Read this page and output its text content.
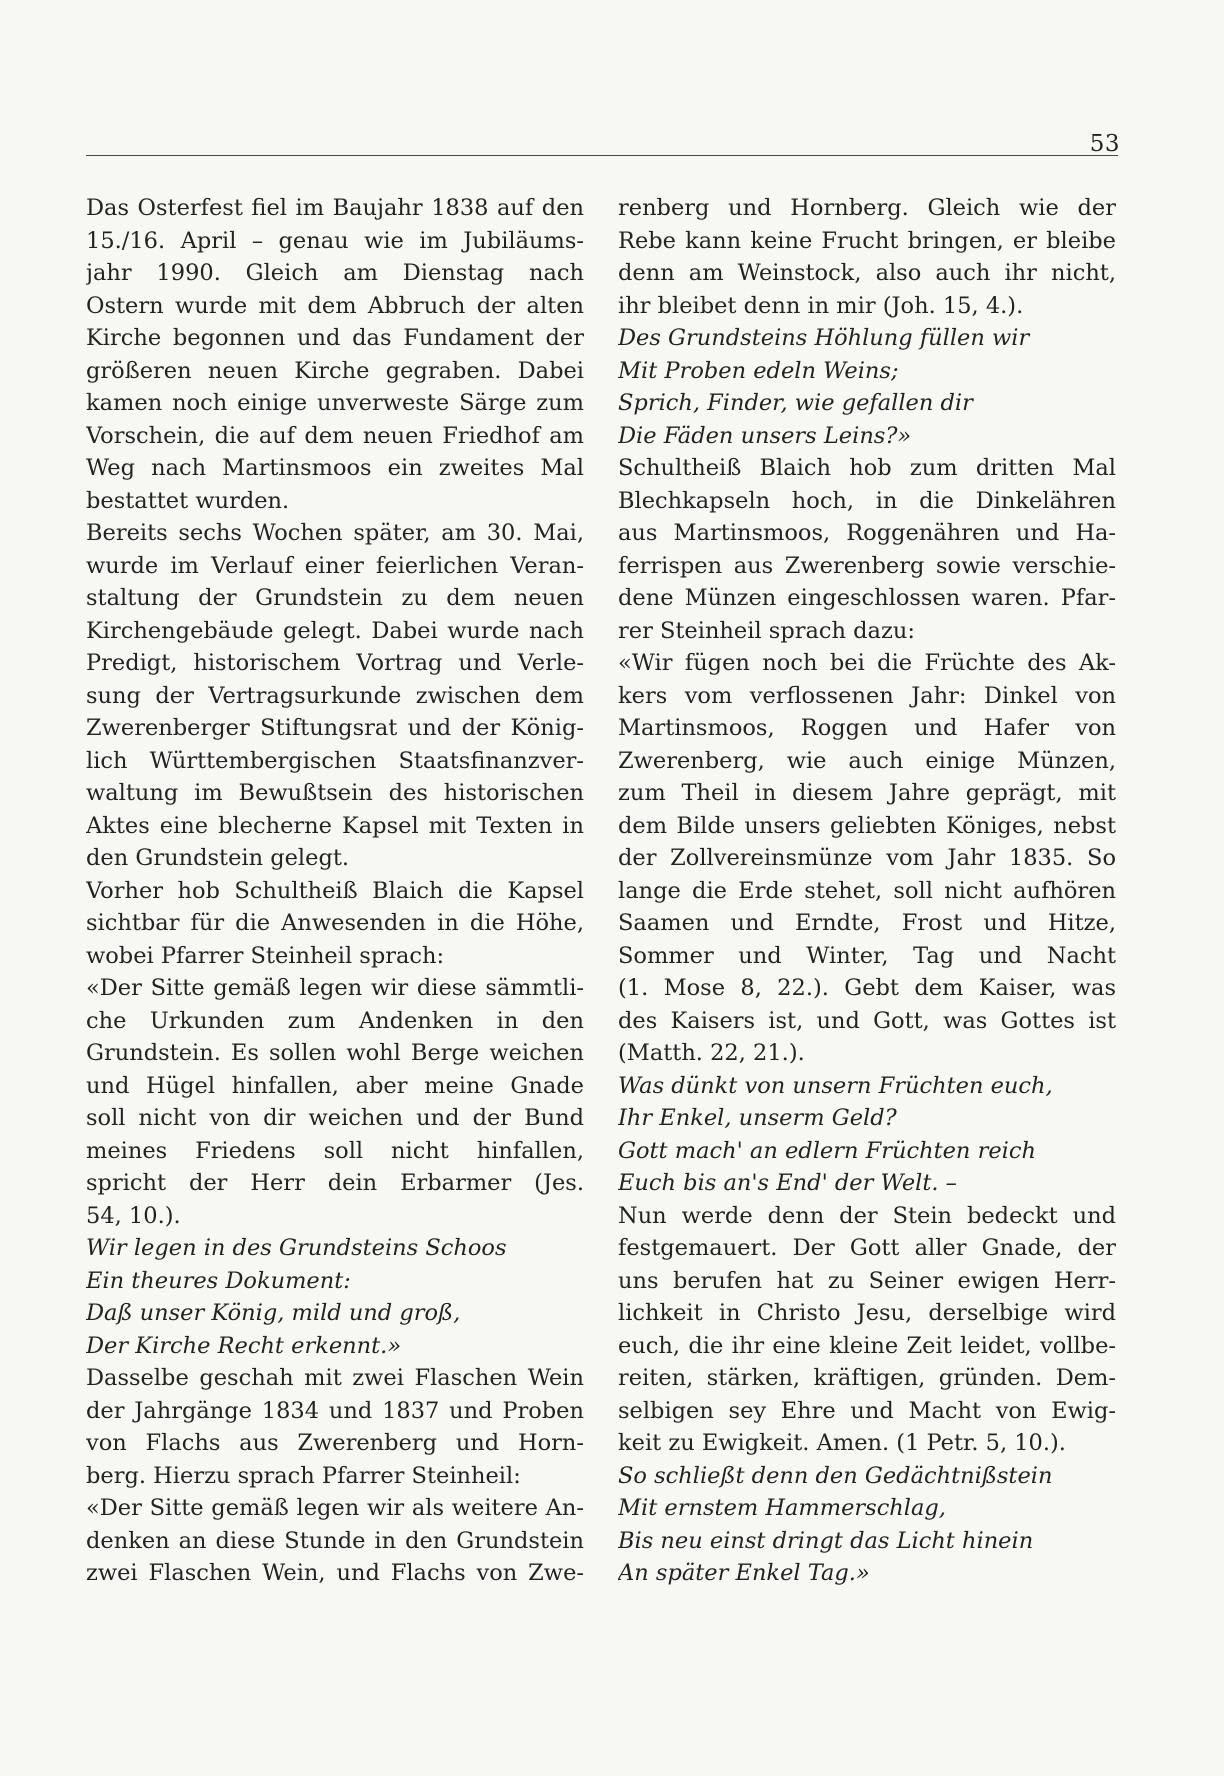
53
Das Osterfest fiel im Baujahr 1838 auf den
15./16. April – genau wie im Jubiläums-
jahr 1990. Gleich am Dienstag nach
Ostern wurde mit dem Abbruch der alten
Kirche begonnen und das Fundament der
größeren neuen Kirche gegraben. Dabei
kamen noch einige unverweste Särge zum
Vorschein, die auf dem neuen Friedhof am
Weg nach Martinsmoos ein zweites Mal
bestattet wurden.
Bereits sechs Wochen später, am 30. Mai,
wurde im Verlauf einer feierlichen Veran-
staltung der Grundstein zu dem neuen
Kirchengebäude gelegt. Dabei wurde nach
Predigt, historischem Vortrag und Verle-
sung der Vertragsurkunde zwischen dem
Zwerenberger Stiftungsrat und der König-
lich Württembergischen Staatsfinanzver-
waltung im Bewußtsein des historischen
Aktes eine blecherne Kapsel mit Texten in
den Grundstein gelegt.
Vorher hob Schultheiß Blaich die Kapsel
sichtbar für die Anwesenden in die Höhe,
wobei Pfarrer Steinheil sprach:
«Der Sitte gemäß legen wir diese sämmtli-
che Urkunden zum Andenken in den
Grundstein. Es sollen wohl Berge weichen
und Hügel hinfallen, aber meine Gnade
soll nicht von dir weichen und der Bund
meines Friedens soll nicht hinfallen,
spricht der Herr dein Erbarmer (Jes.
54, 10.).
Wir legen in des Grundsteins Schoos
Ein theures Dokument:
Daß unser König, mild und groß,
Der Kirche Recht erkennt.»
Dasselbe geschah mit zwei Flaschen Wein
der Jahrgänge 1834 und 1837 und Proben
von Flachs aus Zwerenberg und Horn-
berg. Hierzu sprach Pfarrer Steinheil:
«Der Sitte gemäß legen wir als weitere An-
denken an diese Stunde in den Grundstein
zwei Flaschen Wein, und Flachs von Zwe-
renberg und Hornberg. Gleich wie der
Rebe kann keine Frucht bringen, er bleibe
denn am Weinstock, also auch ihr nicht,
ihr bleibet denn in mir (Joh. 15, 4.).
Des Grundsteins Höhlung füllen wir
Mit Proben edeln Weins;
Sprich, Finder, wie gefallen dir
Die Fäden unsers Leins?»
Schultheiß Blaich hob zum dritten Mal
Blechkapseln hoch, in die Dinkelähren
aus Martinsmoos, Roggenähren und Ha-
ferrispen aus Zwerenberg sowie verschie-
dene Münzen eingeschlossen waren. Pfar-
rer Steinheil sprach dazu:
«Wir fügen noch bei die Früchte des Ak-
kers vom verflossenen Jahr: Dinkel von
Martinsmoos, Roggen und Hafer von
Zwerenberg, wie auch einige Münzen,
zum Theil in diesem Jahre geprägt, mit
dem Bilde unsers geliebten Königes, nebst
der Zollvereinsmünze vom Jahr 1835. So
lange die Erde stehet, soll nicht aufhören
Saamen und Erndte, Frost und Hitze,
Sommer und Winter, Tag und Nacht
(1. Mose 8, 22.). Gebt dem Kaiser, was
des Kaisers ist, und Gott, was Gottes ist
(Matth. 22, 21.).
Was dünkt von unsern Früchten euch,
Ihr Enkel, unserm Geld?
Gott mach' an edlern Früchten reich
Euch bis an's End' der Welt. –
Nun werde denn der Stein bedeckt und
festgemauert. Der Gott aller Gnade, der
uns berufen hat zu Seiner ewigen Herr-
lichkeit in Christo Jesu, derselbige wird
euch, die ihr eine kleine Zeit leidet, vollbe-
reiten, stärken, kräftigen, gründen. Dem-
selbigen sey Ehre und Macht von Ewig-
keit zu Ewigkeit. Amen. (1 Petr. 5, 10.).
So schließt denn den Gedächtnißstein
Mit ernstem Hammerschlag,
Bis neu einst dringt das Licht hinein
An später Enkel Tag.»
